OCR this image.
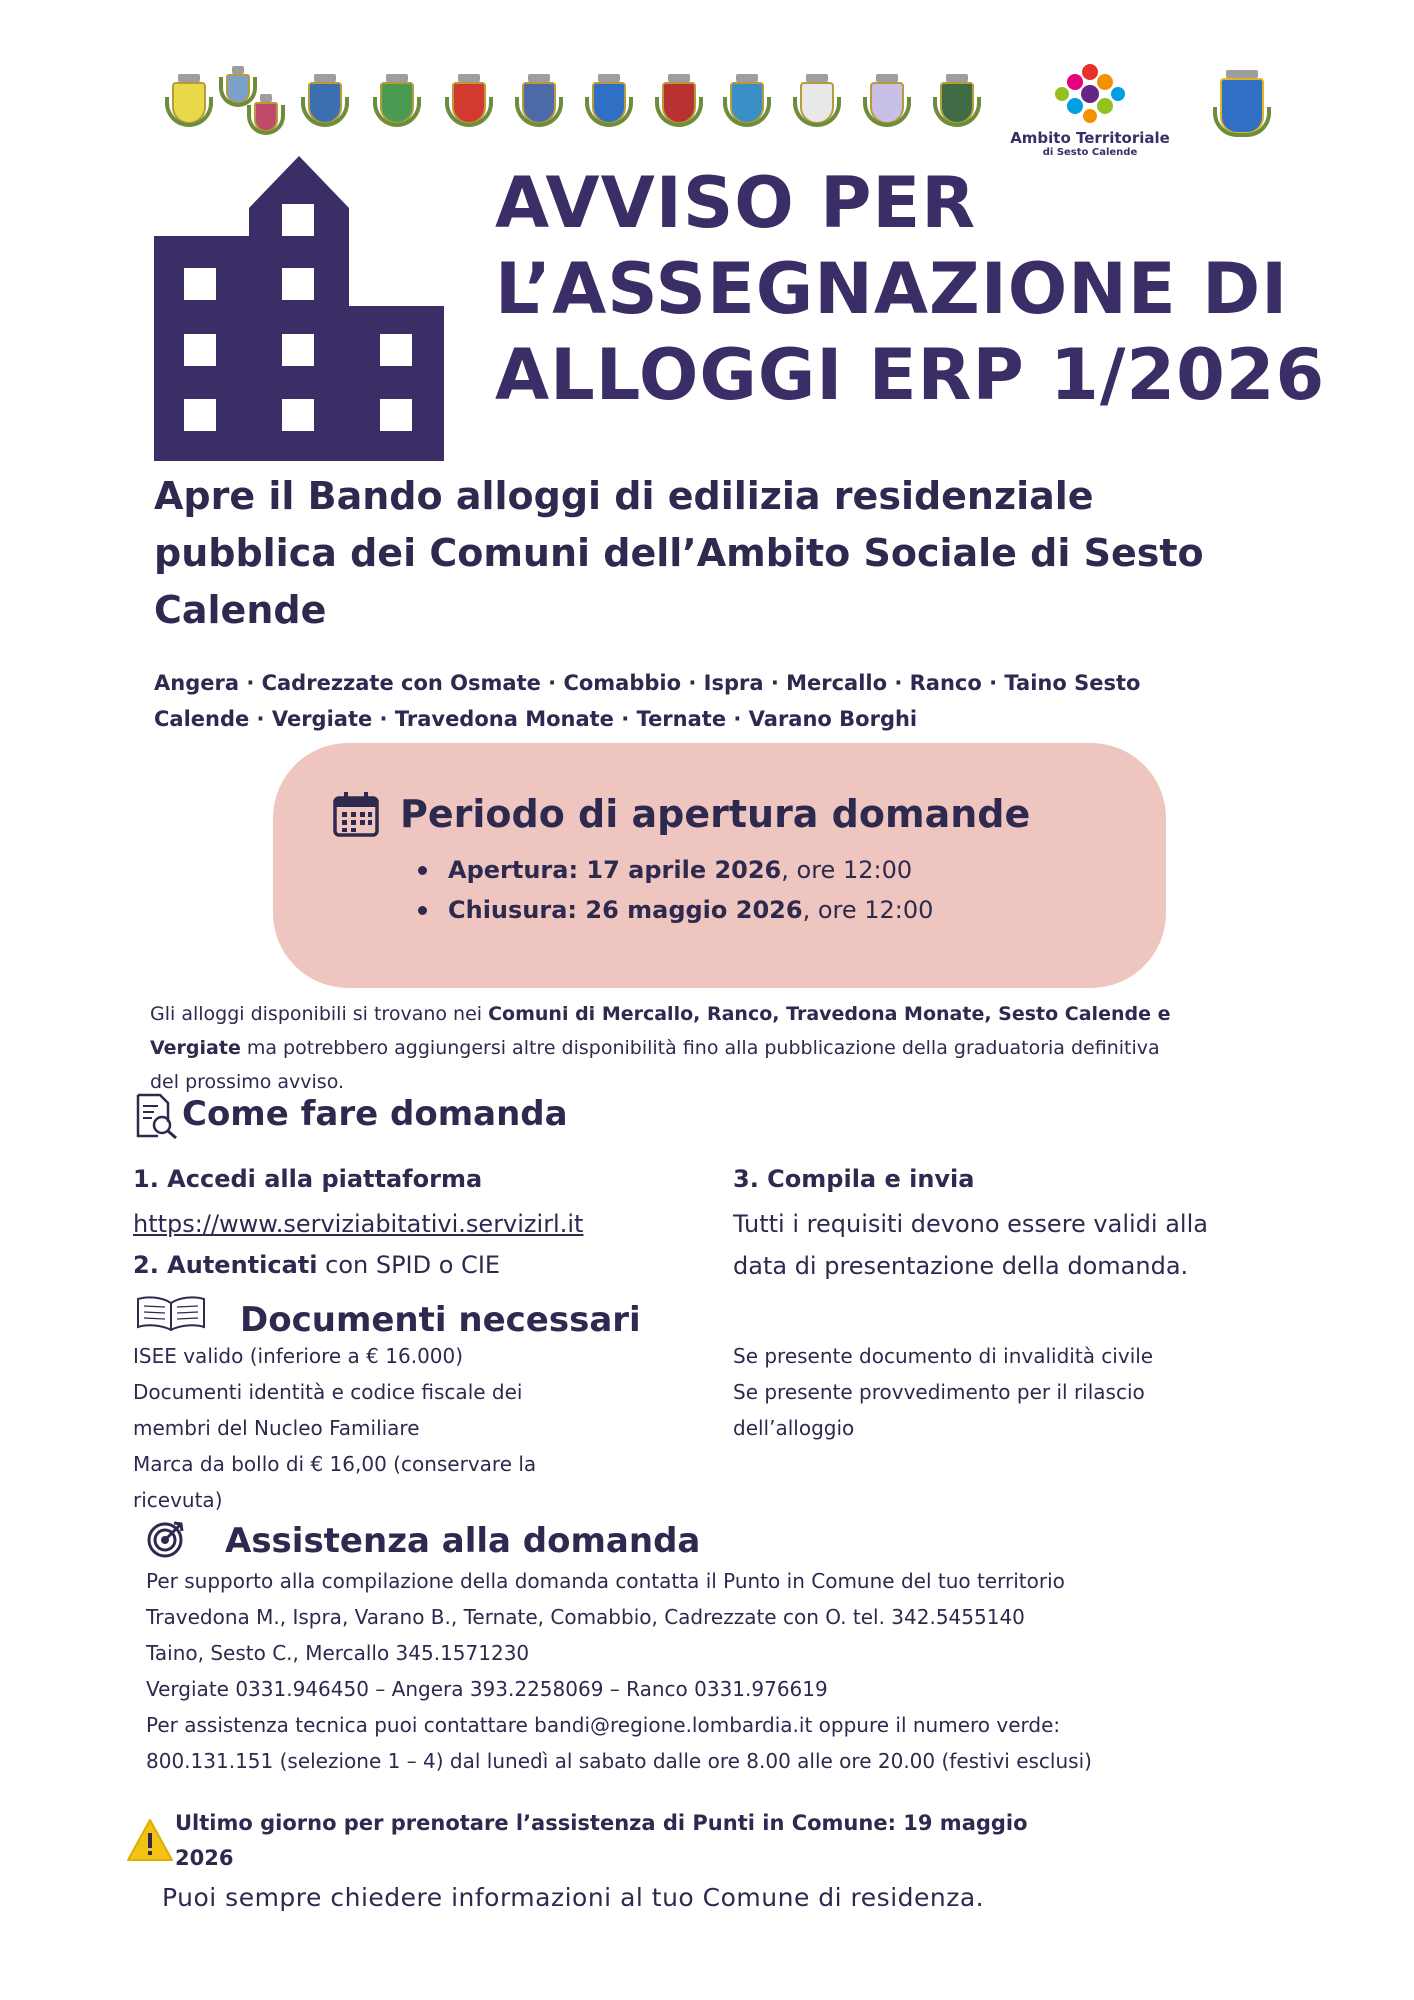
Ambito Territoriale
di Sesto Calende
AVVISO PER
L’ASSEGNAZIONE DI
ALLOGGI ERP 1/2026
Apre il Bando alloggi di edilizia residenziale
pubblica dei Comuni dell’Ambito Sociale di Sesto
Calende
Angera · Cadrezzate con Osmate · Comabbio · Ispra · Mercallo · Ranco · Taino Sesto
Calende · Vergiate · Travedona Monate · Ternate · Varano Borghi
Periodo di apertura domande
Apertura: 17 aprile 2026, ore 12:00
Chiusura: 26 maggio 2026, ore 12:00
Gli alloggi disponibili si trovano nei Comuni di Mercallo, Ranco, Travedona Monate, Sesto Calende e
Vergiate ma potrebbero aggiungersi altre disponibilità fino alla pubblicazione della graduatoria definitiva
del prossimo avviso.
Come fare domanda
1. Accedi alla piattaforma
https://www.serviziabitativi.servizirl.it
2. Autenticati con SPID o CIE
3. Compila e invia
Tutti i requisiti devono essere validi alla
data di presentazione della domanda.
Documenti necessari
ISEE valido (inferiore a € 16.000)
Documenti identità e codice fiscale dei
membri del Nucleo Familiare
Marca da bollo di € 16,00 (conservare la
ricevuta)
Se presente documento di invalidità civile
Se presente provvedimento per il rilascio
dell’alloggio
Assistenza alla domanda
Per supporto alla compilazione della domanda contatta il Punto in Comune del tuo territorio
Travedona M., Ispra, Varano B., Ternate, Comabbio, Cadrezzate con O. tel. 342.5455140
Taino, Sesto C., Mercallo 345.1571230
Vergiate 0331.946450 – Angera 393.2258069 – Ranco 0331.976619
Per assistenza tecnica puoi contattare bandi@regione.lombardia.it oppure il numero verde:
800.131.151 (selezione 1 – 4) dal lunedì al sabato dalle ore 8.00 alle ore 20.00 (festivi esclusi)
Ultimo giorno per prenotare l’assistenza di Punti in Comune: 19 maggio
2026
Puoi sempre chiedere informazioni al tuo Comune di residenza.
